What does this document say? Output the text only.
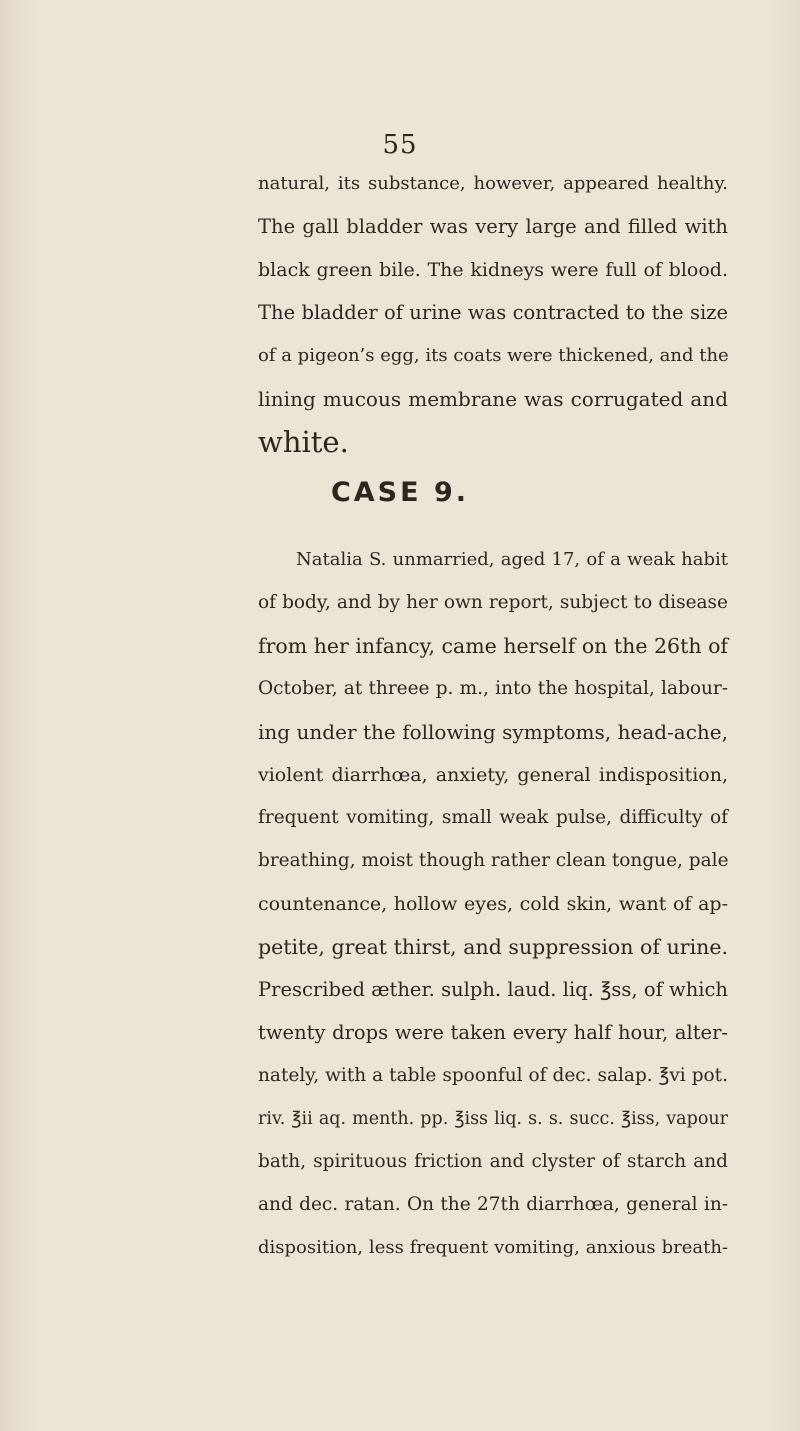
55
natural, its substance, however, appeared healthy.
The gall bladder was very large and filled with
black green bile. The kidneys were full of blood.
The bladder of urine was contracted to the size
of a pigeon’s egg, its coats were thickened, and the
lining mucous membrane was corrugated and
white.
CASE 9.
Natalia S. unmarried, aged 17, of a weak habit
of body, and by her own report, subject to disease
from her infancy, came herself on the 26th of
October, at threee p. m., into the hospital, labour-
ing under the following symptoms, head-ache,
violent diarrhœa, anxiety, general indisposition,
frequent vomiting, small weak pulse, difficulty of
breathing, moist though rather clean tongue, pale
countenance, hollow eyes, cold skin, want of ap-
petite, great thirst, and suppression of urine.
Prescribed æther. sulph. laud. liq. ℥ss, of which
twenty drops were taken every half hour, alter-
nately, with a table spoonful of dec. salap. ℥vi pot.
riv. ℥ii aq. menth. pp. ℥iss liq. s. s. succ. ℥iss, vapour
bath, spirituous friction and clyster of starch and
and dec. ratan. On the 27th diarrhœa, general in-
disposition, less frequent vomiting, anxious breath-
